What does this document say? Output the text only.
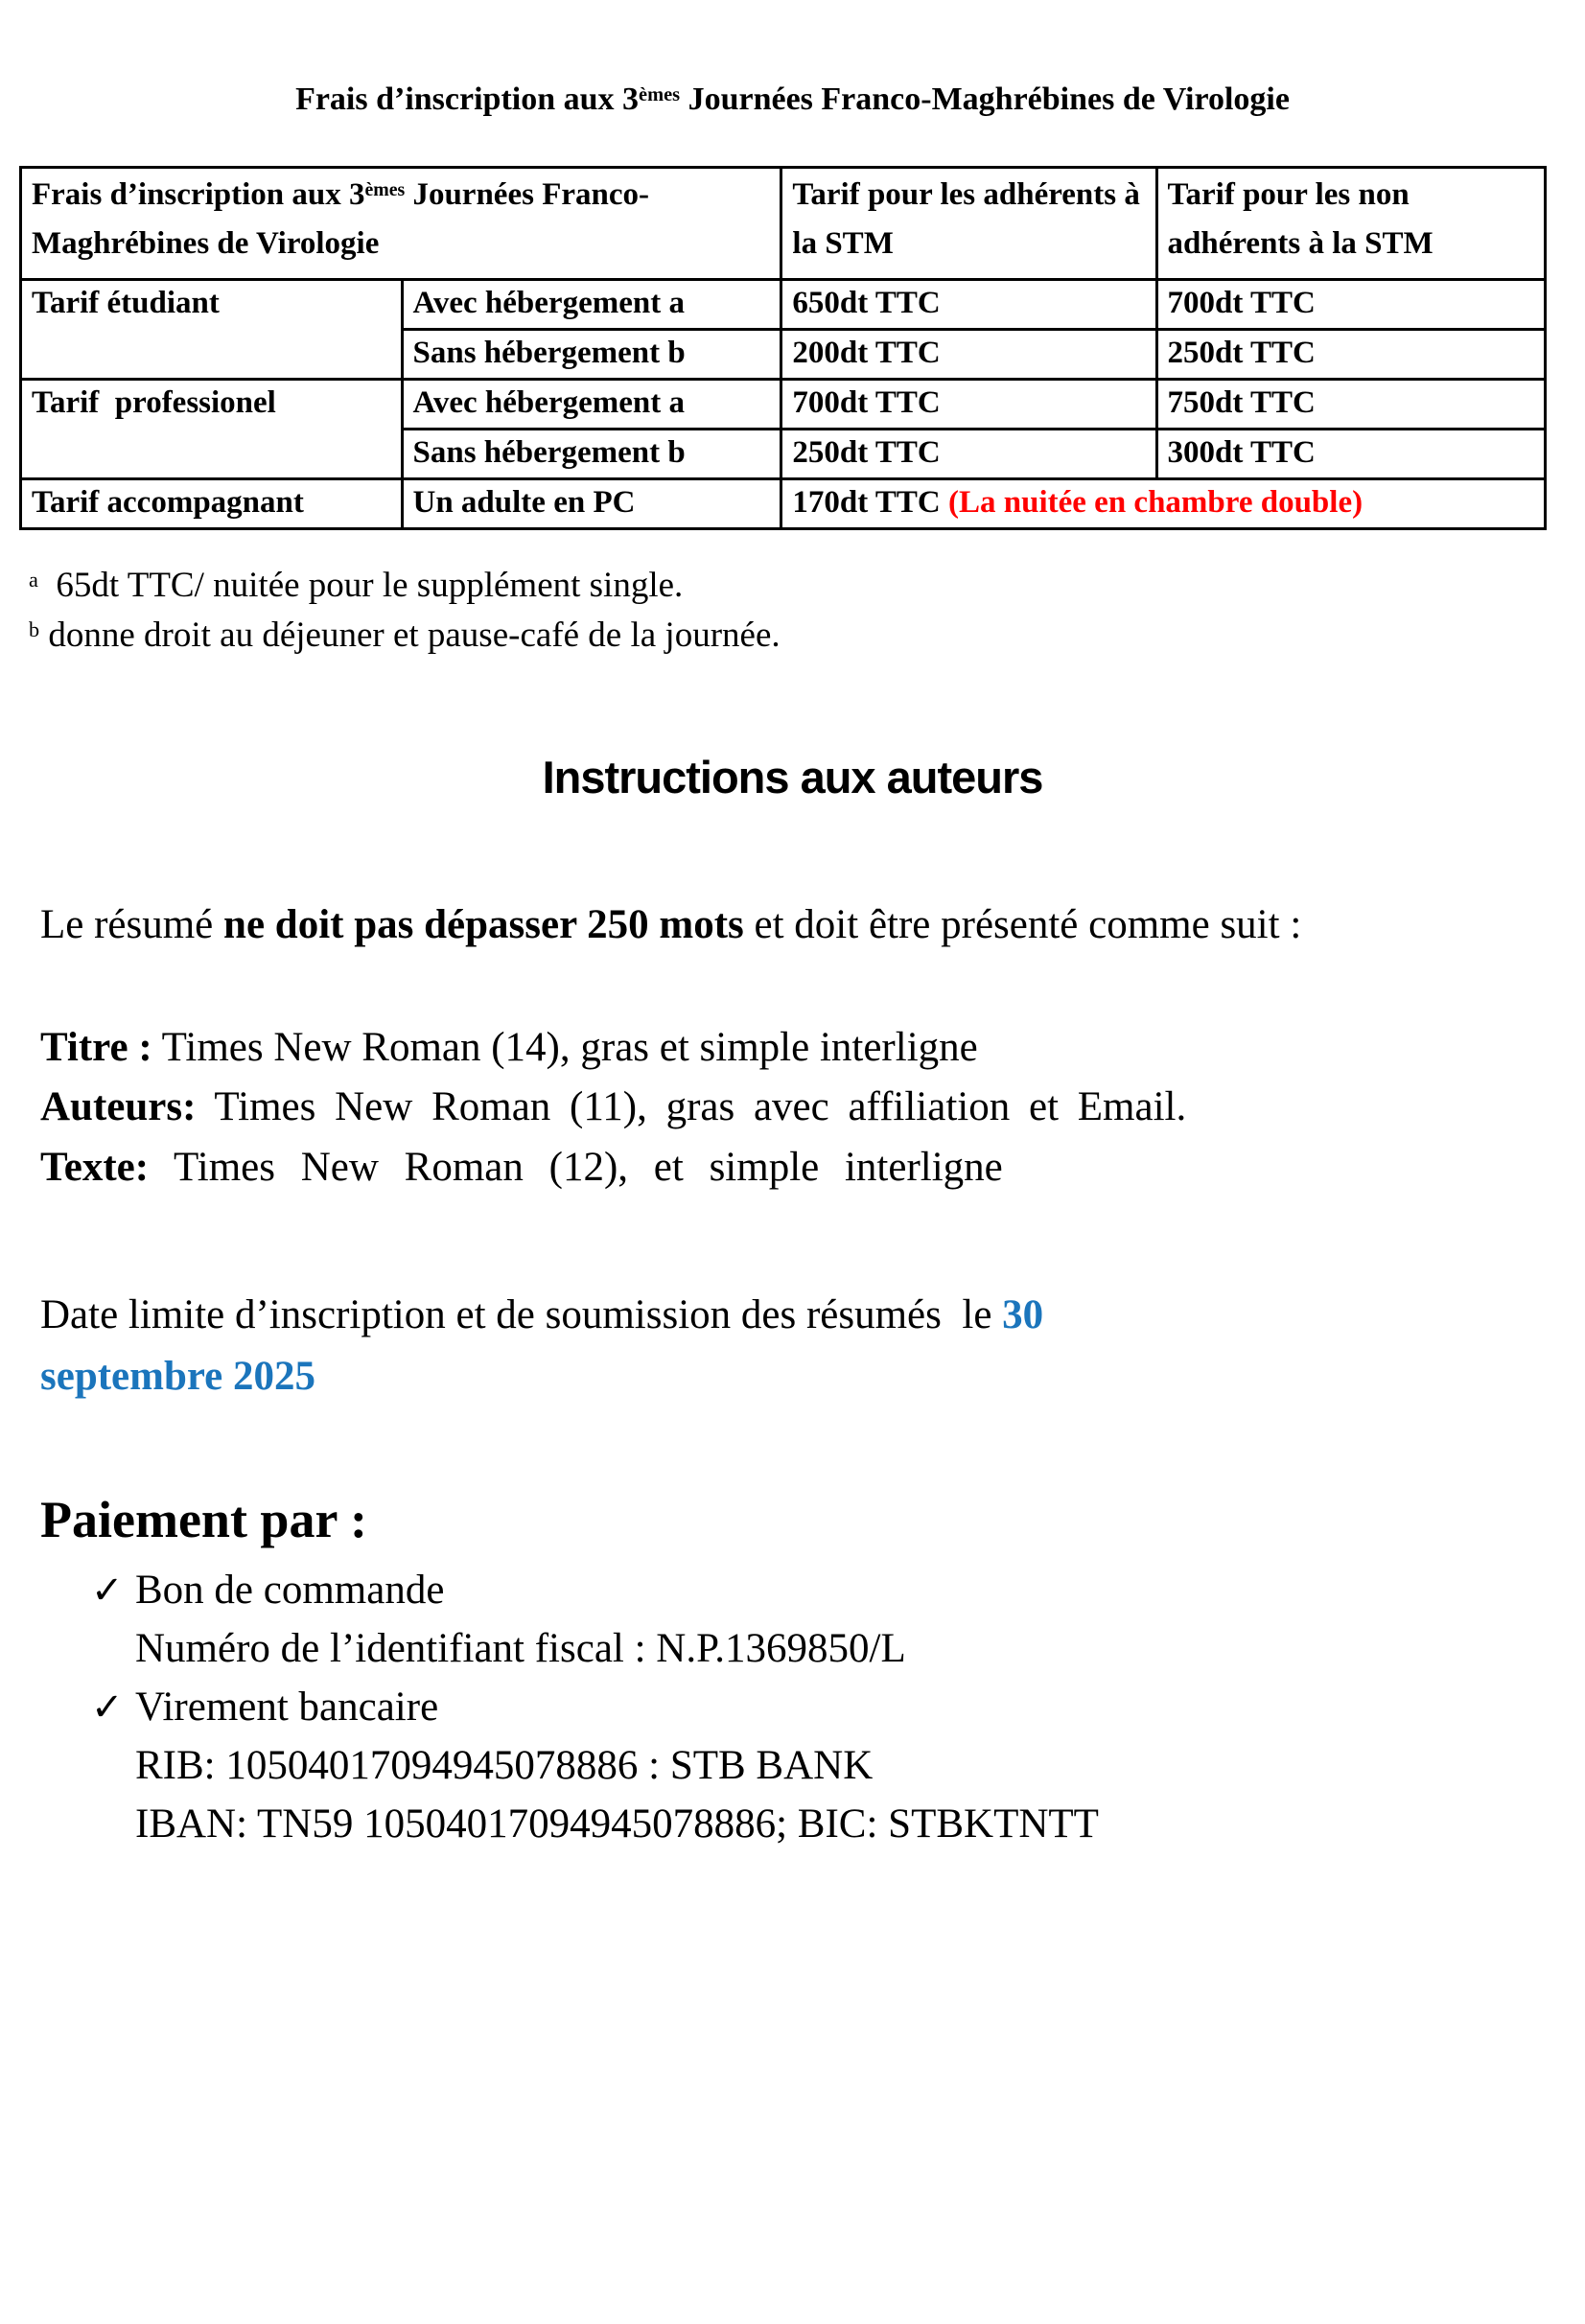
Frais d’inscription aux 3èmes Journées Franco-Maghrébines de Virologie
Frais d’inscription aux 3èmes Journées Franco-Maghrébines de Virologie		Tarif pour les adhérents à la STM	Tarif pour les non adhérents à la STM
Tarif étudiant	Avec hébergement a	650dt TTC	700dt TTC
	Sans hébergement b	200dt TTC	250dt TTC
Tarif  professionel	Avec hébergement a	700dt TTC	750dt TTC
	Sans hébergement b	250dt TTC	300dt TTC
Tarif accompagnant	Un adulte en PC	170dt TTC (La nuitée en chambre double)	
$^a$  65dt TTC/ nuitée pour le supplément single.
$^b$ donne droit au déjeuner et pause-café de la journée.
Instructions aux auteurs
Le résumé ne doit pas dépasser 250 mots et doit être présenté comme suit :
Titre : Times New Roman (14), gras et simple interligne
Auteurs: Times New Roman (11), gras avec affiliation et Email.
Texte: Times New Roman (12), et simple interligne
Date limite d’inscription et de soumission des résumés  le 30
septembre 2025
Paiement par :
✓ Bon de commande
Numéro de l’identifiant fiscal : N.P.1369850/L
✓ Virement bancaire
RIB: 10504017094945078886 : STB BANK
IBAN: TN59 10504017094945078886; BIC: STBKTNTT
